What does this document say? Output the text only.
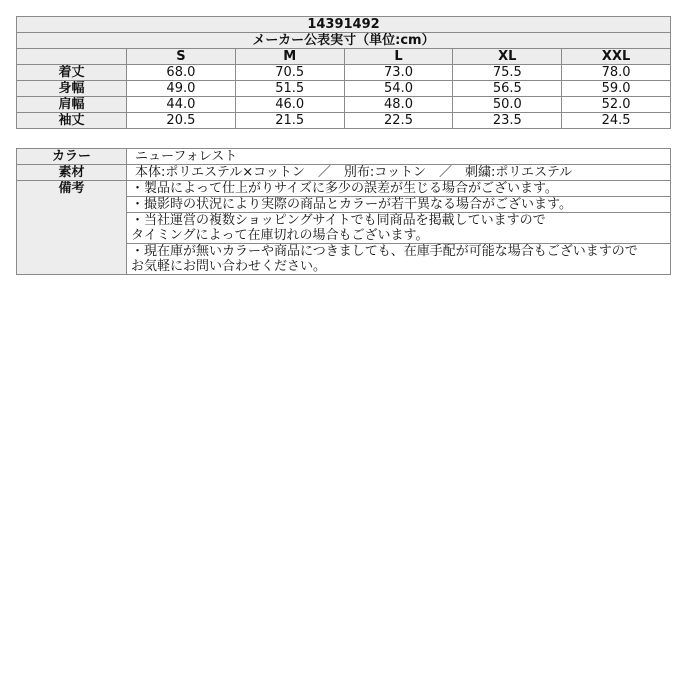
14391492					
メーカー公表実寸（単位:cm）					
	S	M	L	XL	XXL
着丈	68.0	70.5	73.0	75.5	78.0
身幅	49.0	51.5	54.0	56.5	59.0
肩幅	44.0	46.0	48.0	50.0	52.0
袖丈	20.5	21.5	22.5	23.5	24.5
カラー	ニューフォレスト
素材	本体:ポリエステル×コットン　／　別布:コットン　／　刺繍:ポリエステル
備考	・製品によって仕上がりサイズに多少の誤差が生じる場合がございます。
	・撮影時の状況により実際の商品とカラーが若干異なる場合がございます。
	・当社運営の複数ショッピングサイトでも同商品を掲載していますので
タイミングによって在庫切れの場合もございます。
	・現在庫が無いカラーや商品につきましても、在庫手配が可能な場合もございますので
お気軽にお問い合わせください。
